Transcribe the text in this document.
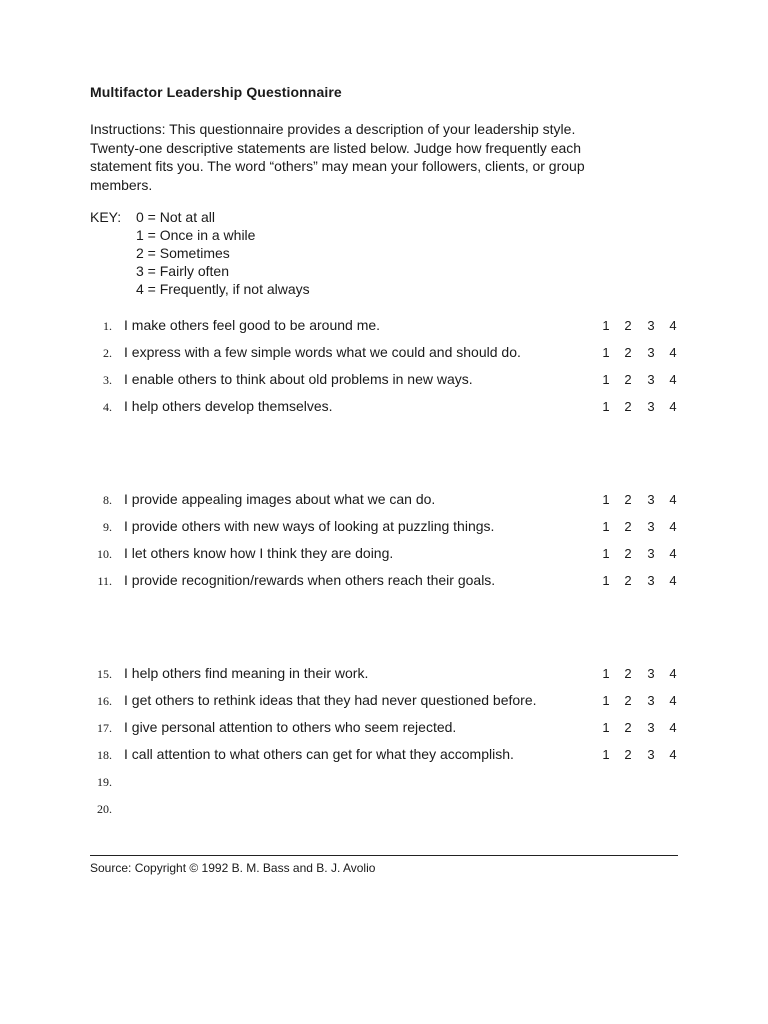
Multifactor Leadership Questionnaire
Instructions: This questionnaire provides a description of your leadership style.
Twenty-one descriptive statements are listed below. Judge how frequently each
statement fits you. The word “others” may mean your followers, clients, or group
members.
KEY: 0 = Not at all
1 = Once in a while
2 = Sometimes
3 = Fairly often
4 = Frequently, if not always
1. I make others feel good to be around me.	1 2 3 4
2. I express with a few simple words what we could and should do.	1 2 3 4
3. I enable others to think about old problems in new ways.	1 2 3 4
4. I help others develop themselves.	1 2 3 4
8. I provide appealing images about what we can do.	1 2 3 4
9. I provide others with new ways of looking at puzzling things.	1 2 3 4
10. I let others know how I think they are doing.	1 2 3 4
11. I provide recognition/rewards when others reach their goals.	1 2 3 4
15. I help others find meaning in their work.	1 2 3 4
16. I get others to rethink ideas that they had never questioned before.	1 2 3 4
17. I give personal attention to others who seem rejected.	1 2 3 4
18. I call attention to what others can get for what they accomplish.	1 2 3 4
19.
20.
Source: Copyright © 1992 B. M. Bass and B. J. Avolio
